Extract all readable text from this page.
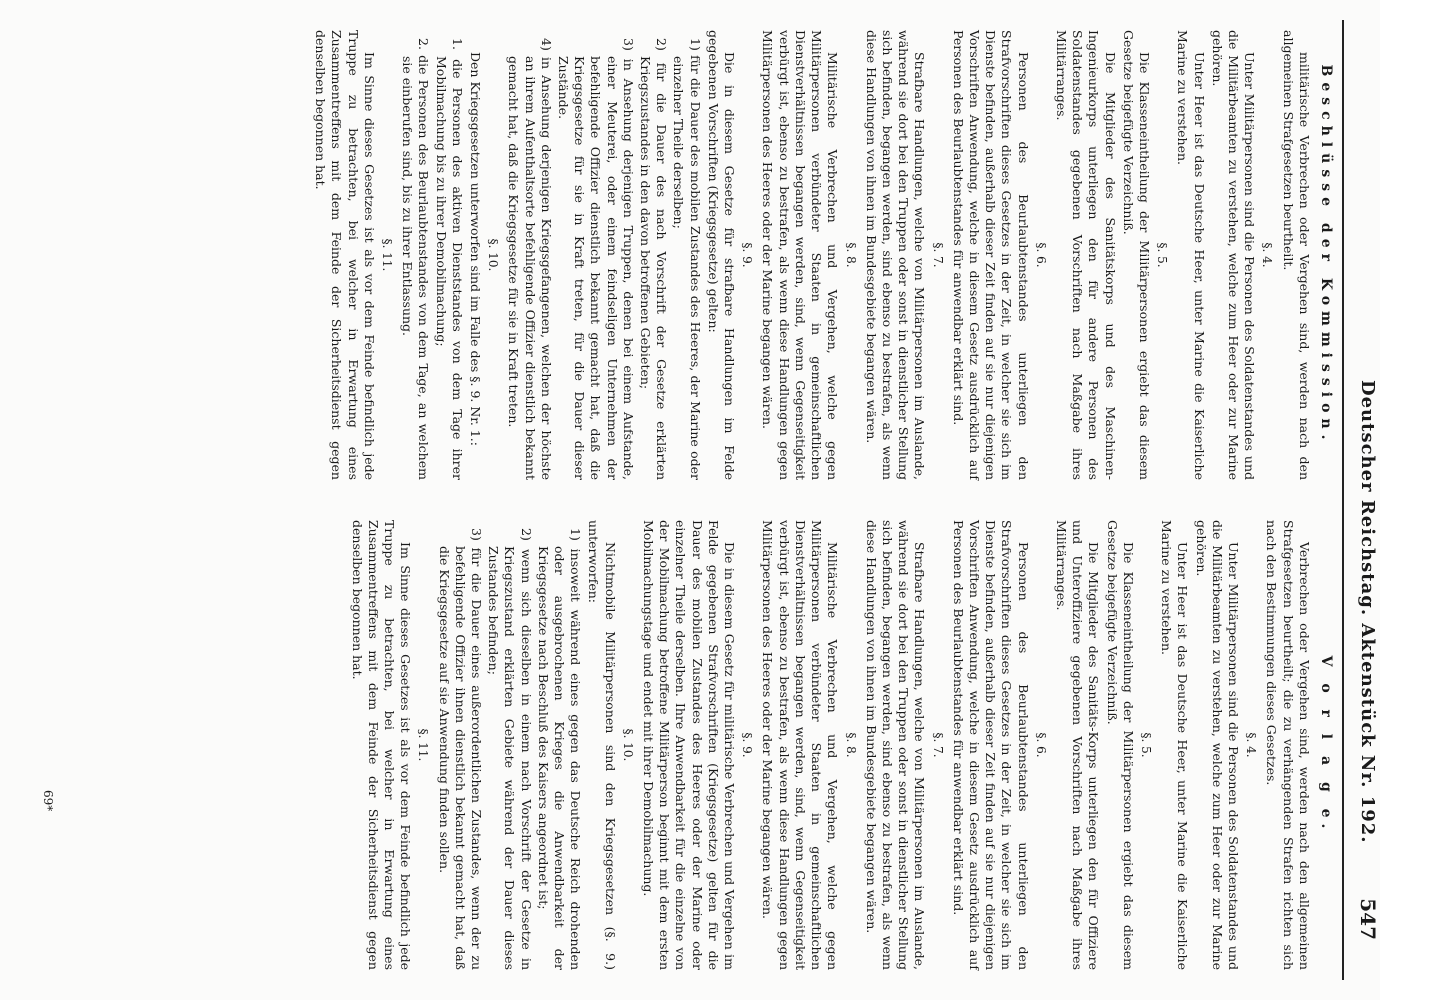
Deutscher Reichstag. Aktenstück Nr. 192.
547
Beschlüsse der Kommission.
militärische Verbrechen oder Vergehen sind, werden nach den allgemeinen Strafgesetzen beurtheilt.
§. 4.
Unter Militärpersonen sind die Personen des Soldatenstandes und die Militärbeamten zu verstehen, welche zum Heer oder zur Marine gehören.
Unter Heer ist das Deutsche Heer, unter Marine die Kaiserliche Marine zu verstehen.
§. 5.
Die Klasseneintheilung der Militärpersonen ergiebt das diesem Gesetze beigefügte Verzeichniß.
Die Mitglieder des Sanitätskorps und des Maschinen-Ingenieurkorps unterliegen den für andere Personen des Soldatenstandes gegebenen Vorschriften nach Maßgabe ihres Militärranges.
§. 6.
Personen des Beurlaubtenstandes unterliegen den Strafvorschriften dieses Gesetzes in der Zeit, in welcher sie sich im Dienste befinden, außerhalb dieser Zeit finden auf sie nur diejenigen Vorschriften Anwendung, welche in diesem Gesetz ausdrücklich auf Personen des Beurlaubtenstandes für anwendbar erklärt sind.
§. 7.
Strafbare Handlungen, welche von Militärpersonen im Auslande, während sie dort bei den Truppen oder sonst in dienstlicher Stellung sich befinden, begangen werden, sind ebenso zu bestrafen, als wenn diese Handlungen von ihnen im Bundesgebiete begangen wären.
§. 8.
Militärische Verbrechen und Vergehen, welche gegen Militärpersonen verbündeter Staaten in gemeinschaftlichen Dienstverhältnissen begangen werden, sind, wenn Gegenseitigkeit verbürgt ist, ebenso zu bestrafen, als wenn diese Handlungen gegen Militärpersonen des Heeres oder der Marine begangen wären.
§. 9.
Die in diesem Gesetze für strafbare Handlungen im Felde gegebenen Vorschriften (Kriegsgesetze) gelten:
1) für die Dauer des mobilen Zustandes des Heeres, der Marine oder einzelner Theile derselben;
2) für die Dauer des nach Vorschrift der Gesetze erklärten Kriegszustandes in den davon betroffenen Gebieten;
3) in Ansehung derjenigen Truppen, denen bei einem Aufstande, einer Meuterei, oder einem feindseligen Unternehmen der befehligende Offizier dienstlich bekannt gemacht hat, daß die Kriegsgesetze für sie in Kraft treten, für die Dauer dieser Zustände.
4) in Ansehung derjenigen Kriegsgefangenen, welchen der höchste an ihrem Aufenthaltsorte befehligende Offizier dienstlich bekannt gemacht hat, daß die Kriegsgesetze für sie in Kraft treten.
§. 10.
Den Kriegsgesetzen unterworfen sind im Falle des §. 9. Nr. 1.:
1. die Personen des aktiven Dienststandes von dem Tage ihrer Mobilmachung bis zu ihrer Demobilmachung;
2. die Personen des Beurlaubtenstandes von dem Tage, an welchem sie einberufen sind, bis zu ihrer Entlassung.
§. 11.
Im Sinne dieses Gesetzes ist als vor dem Feinde befindlich jede Truppe zu betrachten, bei welcher in Erwartung eines Zusammentreffens mit dem Feinde der Sicherheitsdienst gegen denselben begonnen hat.
V o r l a g e.
Verbrechen oder Vergehen sind, werden nach den allgemeinen Strafgesetzen beurtheilt; die zu verhängenden Strafen richten sich nach den Bestimmungen dieses Gesetzes.
§. 4.
Unter Militärpersonen sind die Personen des Soldatenstandes und die Militärbeamten zu verstehen, welche zum Heer oder zur Marine gehören.
Unter Heer ist das Deutsche Heer, unter Marine die Kaiserliche Marine zu verstehen.
§. 5.
Die Klasseneintheilung der Militärpersonen ergiebt das diesem Gesetze beigefügte Verzeichniß.
Die Mitglieder des Sanitäts-Korps unterliegen den für Offiziere und Unteroffiziere gegebenen Vorschriften nach Maßgabe ihres Militärranges.
§. 6.
Personen des Beurlaubtenstandes unterliegen den Strafvorschriften dieses Gesetzes in der Zeit, in welcher sie sich im Dienste befinden, außerhalb dieser Zeit finden auf sie nur diejenigen Vorschriften Anwendung, welche in diesem Gesetz ausdrücklich auf Personen des Beurlaubtenstandes für anwendbar erklärt sind.
§. 7.
Strafbare Handlungen, welche von Militärpersonen im Auslande, während sie dort bei den Truppen oder sonst in dienstlicher Stellung sich befinden, begangen werden, sind ebenso zu bestrafen, als wenn diese Handlungen von ihnen im Bundesgebiete begangen wären.
§. 8.
Militärische Verbrechen und Vergehen, welche gegen Militärpersonen verbündeter Staaten in gemeinschaftlichen Dienstverhältnissen begangen werden, sind, wenn Gegenseitigkeit verbürgt ist, ebenso zu bestrafen, als wenn diese Handlungen gegen Militärpersonen des Heeres oder der Marine begangen wären.
§. 9.
Die in diesem Gesetz für militärische Verbrechen und Vergehen im Felde gegebenen Strafvorschriften (Kriegsgesetze) gelten für die Dauer des mobilen Zustandes des Heeres oder der Marine oder einzelner Theile derselben. Ihre Anwendbarkeit für die einzelne von der Mobilmachung betroffene Militärperson beginnt mit dem ersten Mobilmachungstage und endet mit ihrer Demobilmachung.
§. 10.
Nichtmobile Militärpersonen sind den Kriegsgesetzen (§. 9.) unterworfen:
1) insoweit während eines gegen das Deutsche Reich drohenden oder ausgebrochenen Krieges die Anwendbarkeit der Kriegsgesetze nach Beschluß des Kaisers angeordnet ist;
2) wenn sich dieselben in einem nach Vorschrift der Gesetze in Kriegszustand erklärten Gebiete während der Dauer dieses Zustandes befinden;
3) für die Dauer eines außerordentlichen Zustandes, wenn der zu befehligende Offizier ihnen dienstlich bekannt gemacht hat, daß die Kriegsgesetze auf sie Anwendung finden sollen.
§. 11.
Im Sinne dieses Gesetzes ist als vor dem Feinde befindlich jede Truppe zu betrachten, bei welcher in Erwartung eines Zusammentreffens mit dem Feinde der Sicherheitsdienst gegen denselben begonnen hat.
69*
